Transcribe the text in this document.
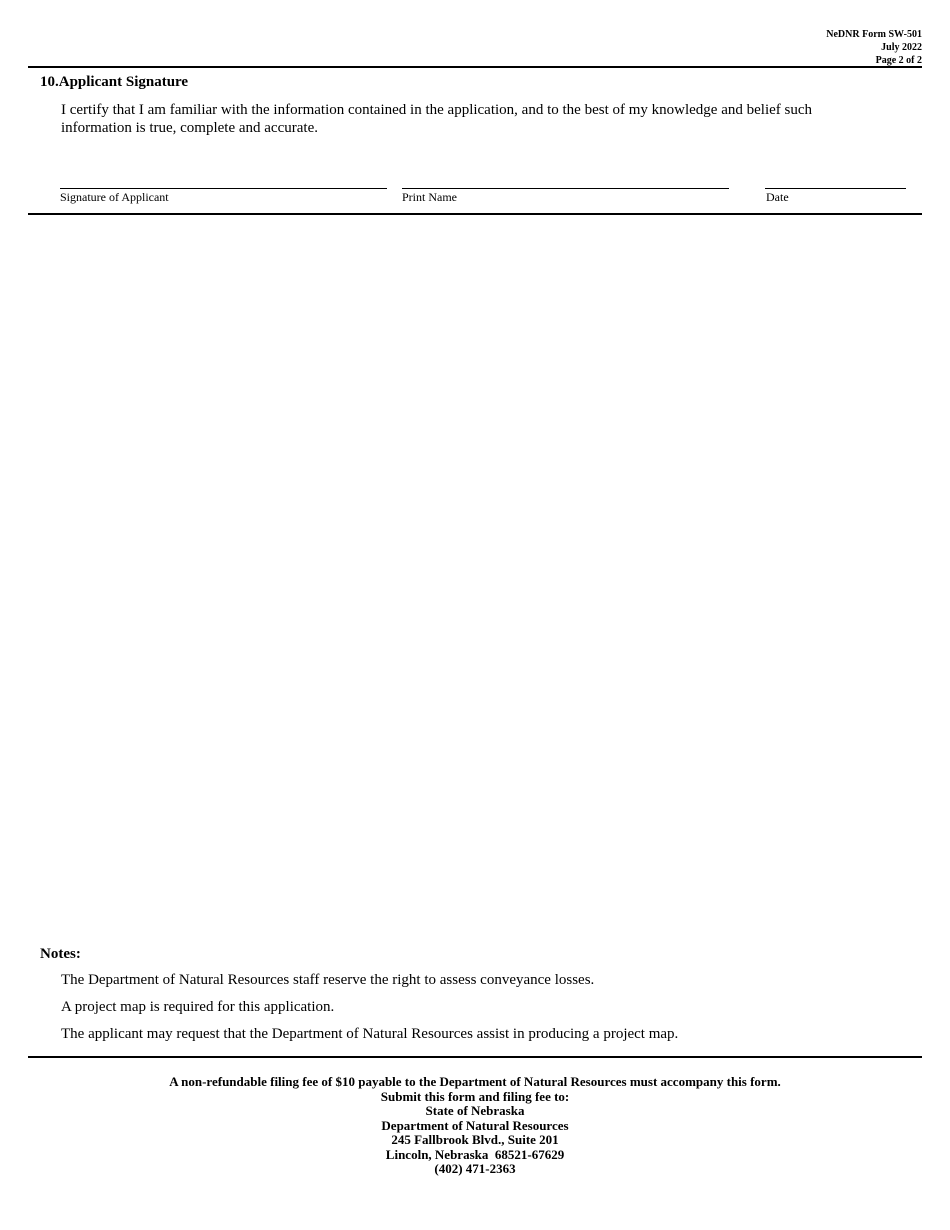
NeDNR Form SW-501
July 2022
Page 2 of 2
10.Applicant Signature
I certify that I am familiar with the information contained in the application, and to the best of my knowledge and belief such information is true, complete and accurate.
Signature of Applicant	Print Name	Date
Notes:
The Department of Natural Resources staff reserve the right to assess conveyance losses.
A project map is required for this application.
The applicant may request that the Department of Natural Resources assist in producing a project map.
A non-refundable filing fee of $10 payable to the Department of Natural Resources must accompany this form.
Submit this form and filing fee to:
State of Nebraska
Department of Natural Resources
245 Fallbrook Blvd., Suite 201
Lincoln, Nebraska  68521-67629
(402) 471-2363
